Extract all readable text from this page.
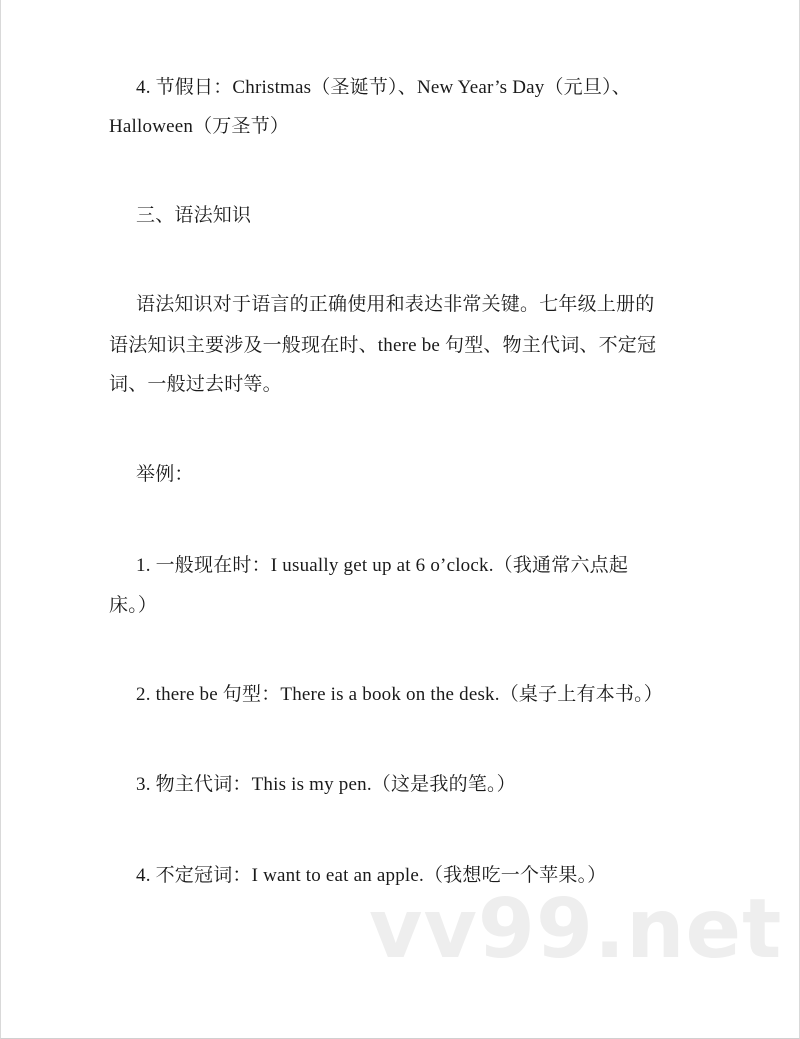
4. 节假日：Christmas（圣诞节）、New Year’s Day（元旦）、
Halloween（万圣节）
三、语法知识
语法知识对于语言的正确使用和表达非常关键。七年级上册的
语法知识主要涉及一般现在时、there be 句型、物主代词、不定冠
词、一般过去时等。
举例：
1. 一般现在时：I usually get up at 6 o’clock.（我通常六点起
床。）
2. there be 句型：There is a book on the desk.（桌子上有本书。）
3. 物主代词：This is my pen.（这是我的笔。）
4. 不定冠词：I want to eat an apple.（我想吃一个苹果。）
vv99.net
